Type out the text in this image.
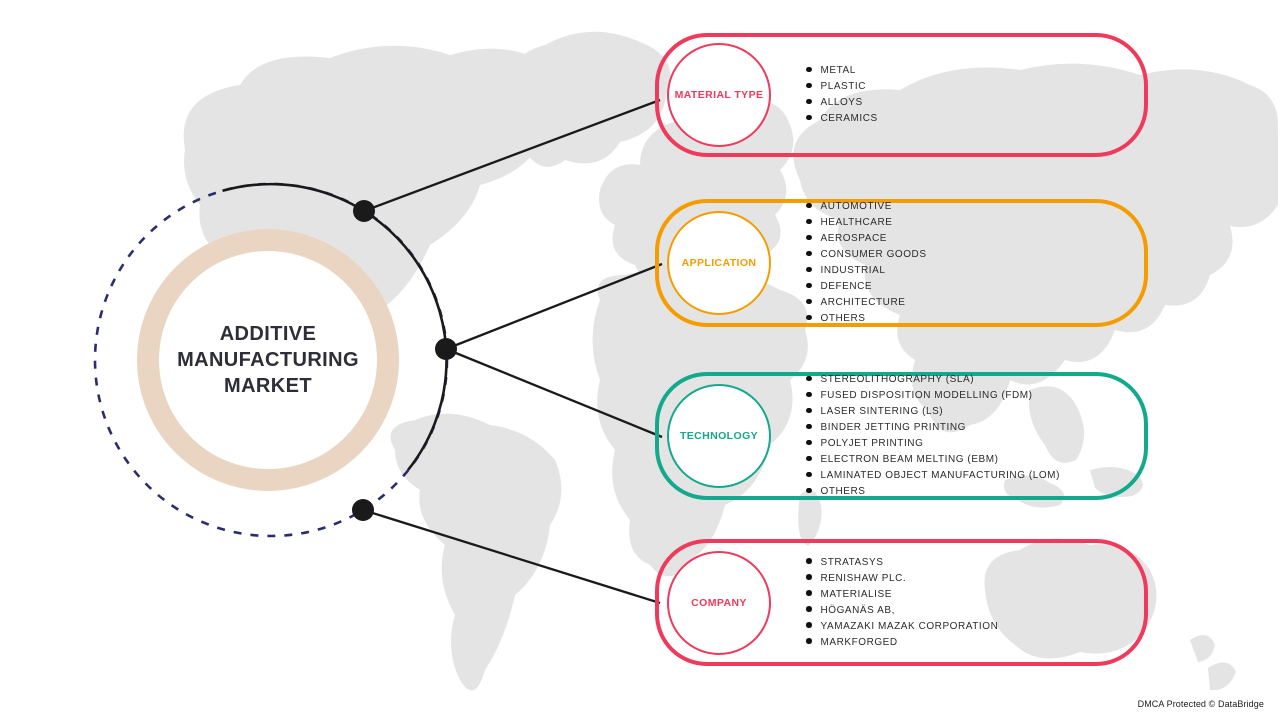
ADDITIVE
MANUFACTURING
MARKET
MATERIAL TYPE
METAL
PLASTIC
ALLOYS
CERAMICS
APPLICATION
AUTOMOTIVE
HEALTHCARE
AEROSPACE
CONSUMER GOODS
INDUSTRIAL
DEFENCE
ARCHITECTURE
OTHERS
TECHNOLOGY
STEREOLITHOGRAPHY (SLA)
FUSED DISPOSITION MODELLING (FDM)
LASER SINTERING (LS)
BINDER JETTING PRINTING
POLYJET PRINTING
ELECTRON BEAM MELTING (EBM)
LAMINATED OBJECT MANUFACTURING (LOM)
OTHERS
COMPANY
STRATASYS
RENISHAW PLC.
MATERIALISE
HÖGANÄS AB,
YAMAZAKI MAZAK CORPORATION
MARKFORGED
DMCA Protected © DataBridge
